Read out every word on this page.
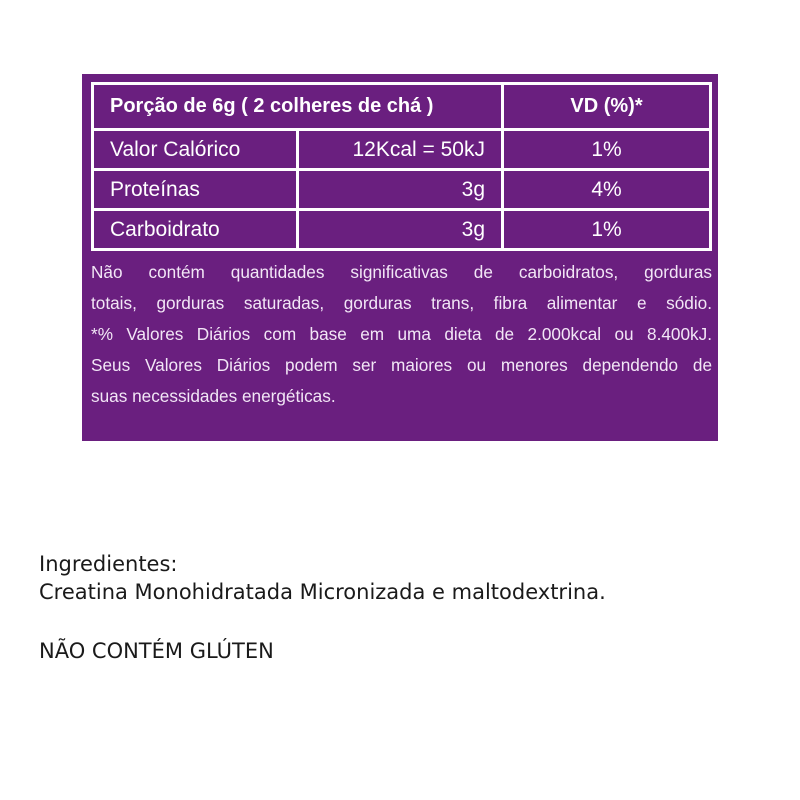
Porção de 6g ( 2 colheres de chá )		VD (%)*
Valor Calórico	12Kcal = 50kJ	1%
Proteínas	3g	4%
Carboidrato	3g	1%
Não contém quantidades significativas de carboidratos, gorduras
totais, gorduras saturadas, gorduras trans, fibra alimentar e sódio.
*% Valores Diários com base em uma dieta de 2.000kcal ou 8.400kJ.
Seus Valores Diários podem ser maiores ou menores dependendo de
suas necessidades energéticas.
Ingredientes:
Creatina Monohidratada Micronizada e maltodextrina.
NÃO CONTÉM GLÚTEN
